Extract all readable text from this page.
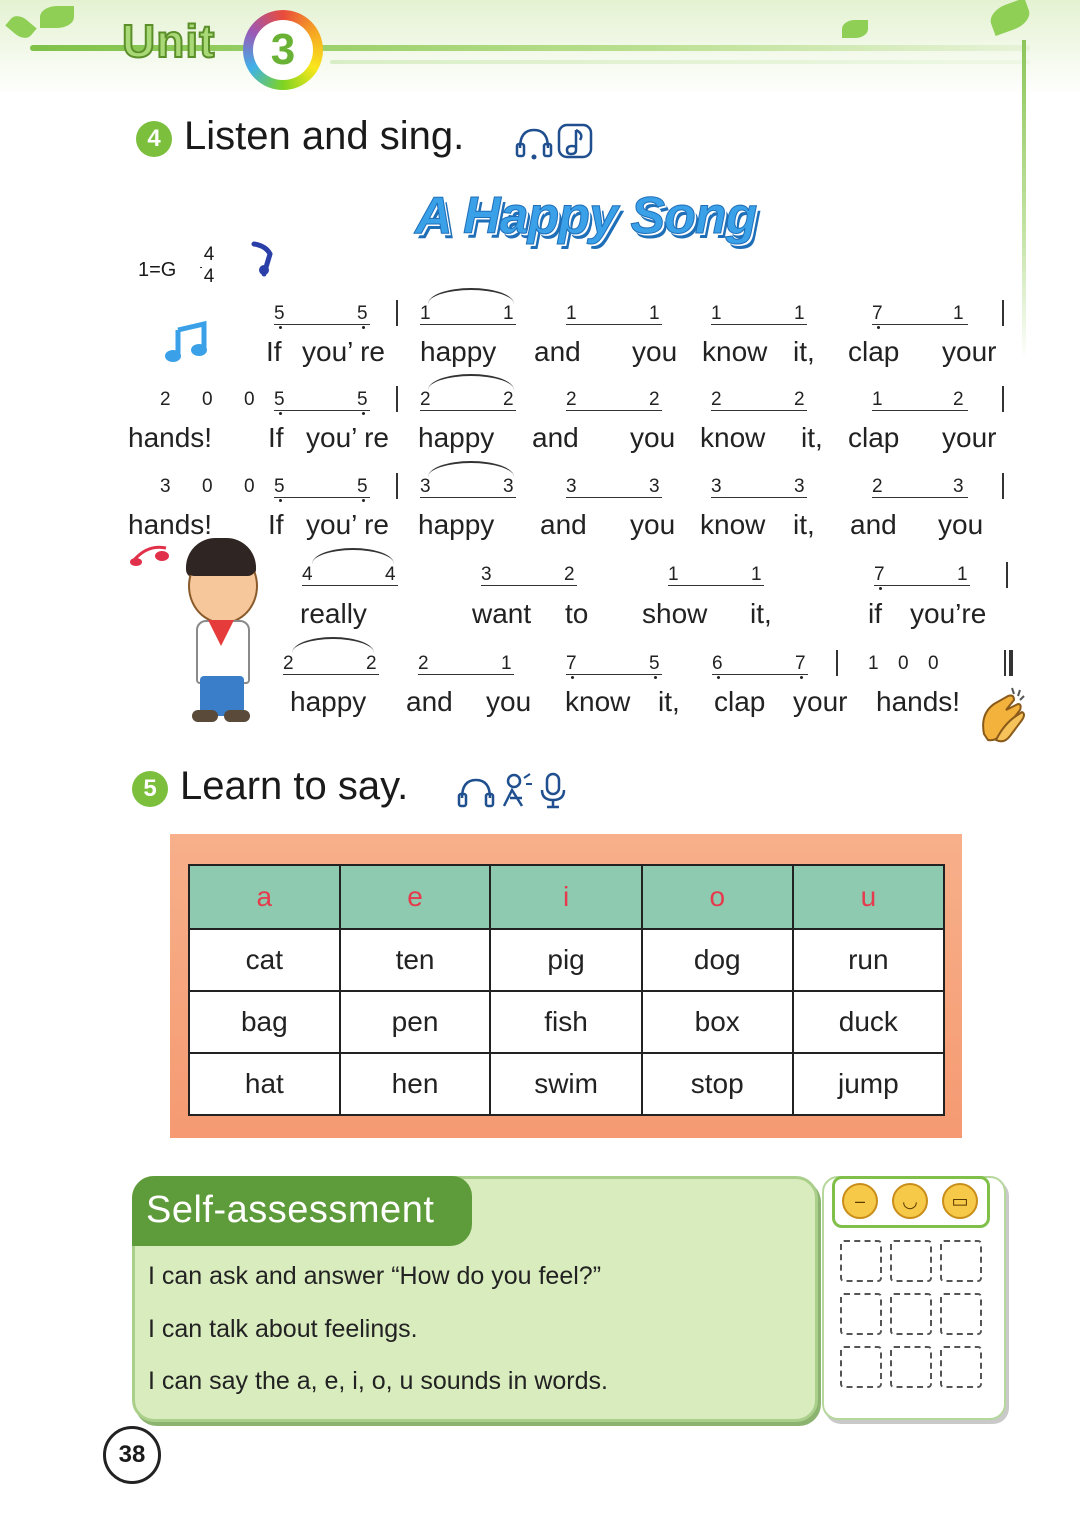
Unit	3
4 Listen and sing.
A Happy Song
1=G
4
4
5	5	1	1	1	1	1	1	7	1
If you’ re happy and you know it, clap your
2 0 0 5	5	2	2	2	2	2	2	1	2
hands! If you’ re happy and you know it, clap your
3 0 0 5	5	3	3	3	3	3	3	2	3
hands! If you’ re happy and you know it, and you
4	4	3	2	1	1	7	1
really	want to show it,	if you’re
2	2 2	1	7	5	6	7	1 0 0
happy and you know it, clap your hands!
5 Learn to say.
a	e	i	o	u
cat	ten	pig	dog	run
bag	pen	fish	box	duck
hat	hen	swim	stop	jump
Self-assessment
I can ask and answer “How do you feel?”
I can talk about feelings.
I can say the a, e, i, o, u sounds in words.
–	◡	▭
38
